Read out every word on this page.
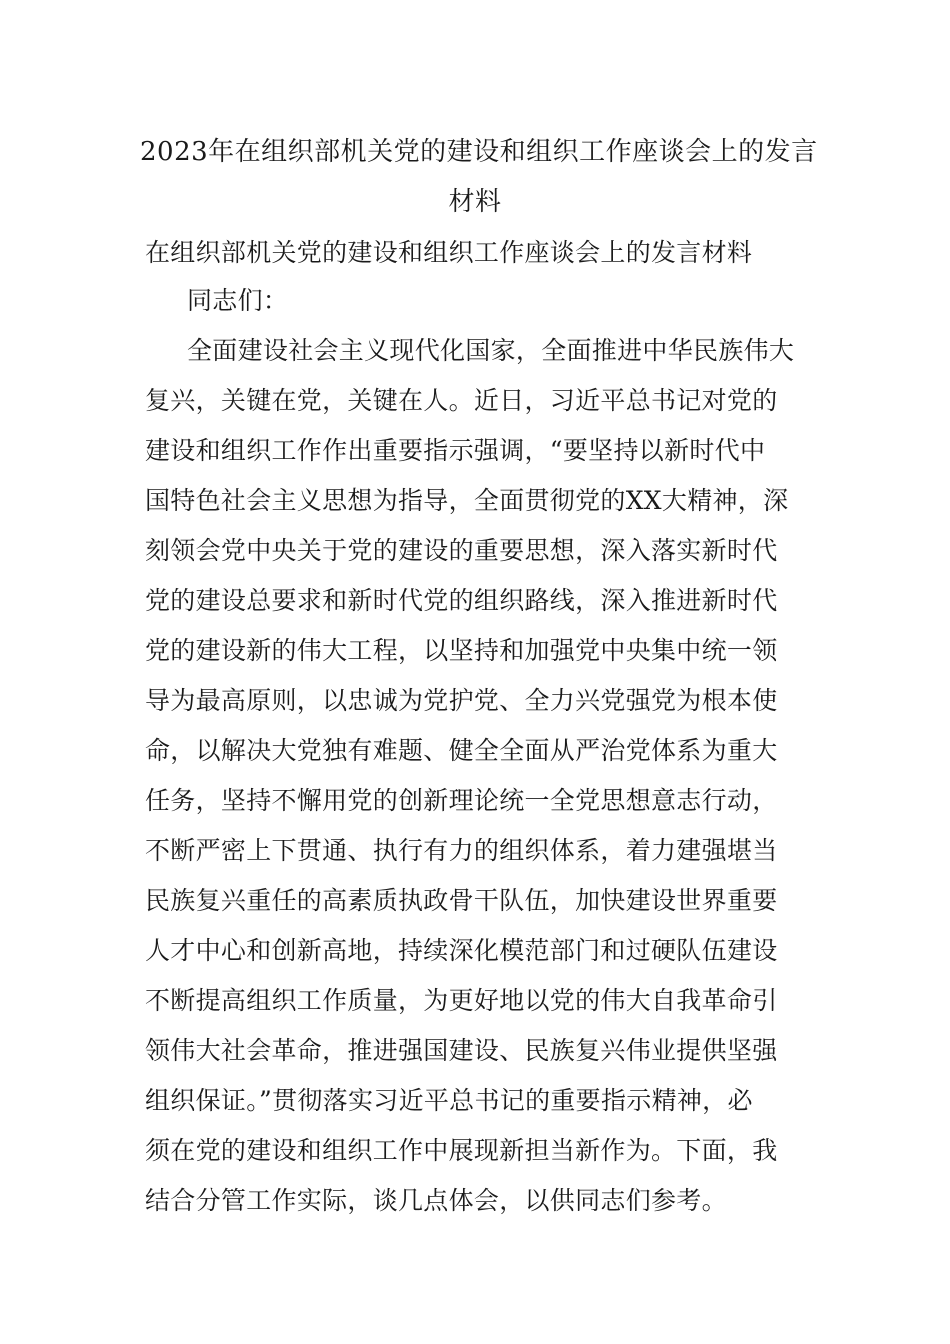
2023年在组织部机关党的建设和组织工作座谈会上的发言
材料
在组织部机关党的建设和组织工作座谈会上的发言材料
同志们：
全面建设社会主义现代化国家，全面推进中华民族伟大
复兴，关键在党，关键在人。近日，习近平总书记对党的
建设和组织工作作出重要指示强调，“要坚持以新时代中
国特色社会主义思想为指导，全面贯彻党的XX大精神，深
刻领会党中央关于党的建设的重要思想，深入落实新时代
党的建设总要求和新时代党的组织路线，深入推进新时代
党的建设新的伟大工程，以坚持和加强党中央集中统一领
导为最高原则，以忠诚为党护党、全力兴党强党为根本使
命，以解决大党独有难题、健全全面从严治党体系为重大
任务，坚持不懈用党的创新理论统一全党思想意志行动，
不断严密上下贯通、执行有力的组织体系，着力建强堪当
民族复兴重任的高素质执政骨干队伍，加快建设世界重要
人才中心和创新高地，持续深化模范部门和过硬队伍建设
不断提高组织工作质量，为更好地以党的伟大自我革命引
领伟大社会革命，推进强国建设、民族复兴伟业提供坚强
组织保证。”贯彻落实习近平总书记的重要指示精神，必
须在党的建设和组织工作中展现新担当新作为。下面，我
结合分管工作实际，谈几点体会，以供同志们参考。
